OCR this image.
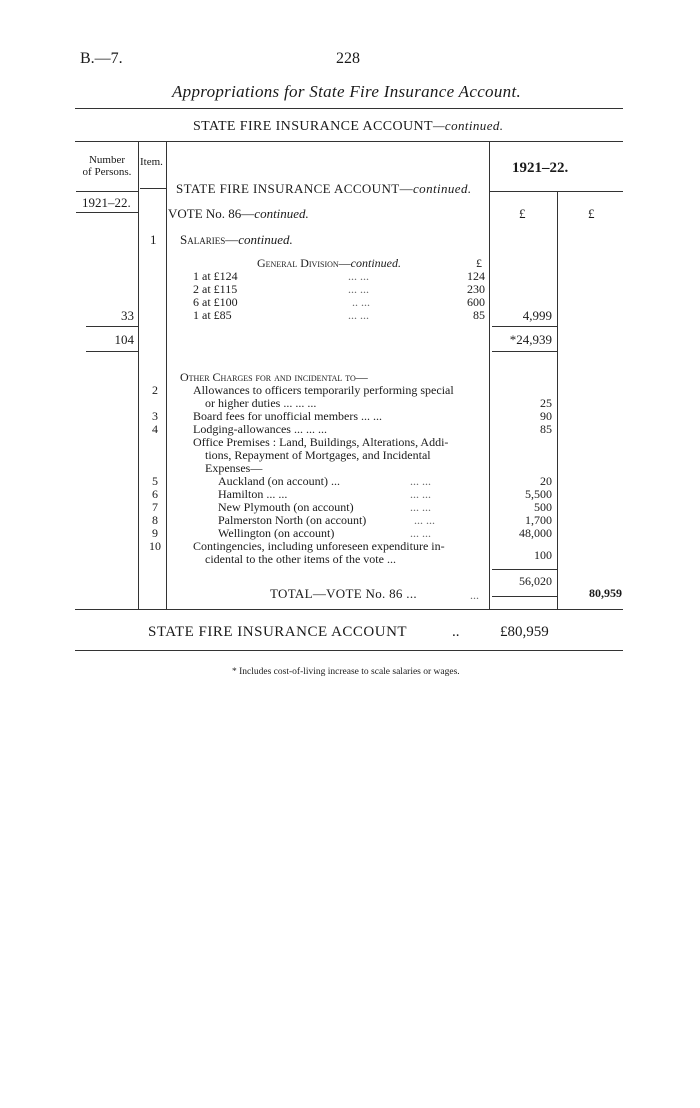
B.—7.	228
Appropriations for State Fire Insurance Account.
STATE FIRE INSURANCE ACCOUNT—continued.
Number
of Persons.
Item.	1921–22.
1921–22.
STATE FIRE INSURANCE ACCOUNT—continued.
VOTE No. 86—continued.	£	£
1 Salaries—continued.
General Division—continued.	£
1 at £124	... ...	124
2 at £115	... ...	230
6 at £100	.. ...	600
1 at £85	... ...	85
33	4,999
104	*24,939
Other Charges for and incidental to—
2	Allowances to officers temporarily performing special
or higher duties ... ... ...	25
3	Board fees for unofficial members ... ...	90
4	Lodging-allowances ... ... ...	85
Office Premises : Land, Buildings, Alterations, Addi-
tions, Repayment of Mortgages, and Incidental
Expenses—
5	Auckland (on account) ...	... ...	20
6	Hamilton ... ...	... ...	5,500
7	New Plymouth (on account)	... ...	500
8	Palmerston North (on account)	... ...	1,700
9	Wellington (on account)	... ...	48,000
10	Contingencies, including unforeseen expenditure in-
cidental to the other items of the vote ...	100
56,020
TOTAL—VOTE No. 86 ...	...	80,959
STATE FIRE INSURANCE ACCOUNT	..	£80,959
* Includes cost-of-living increase to scale salaries or wages.
